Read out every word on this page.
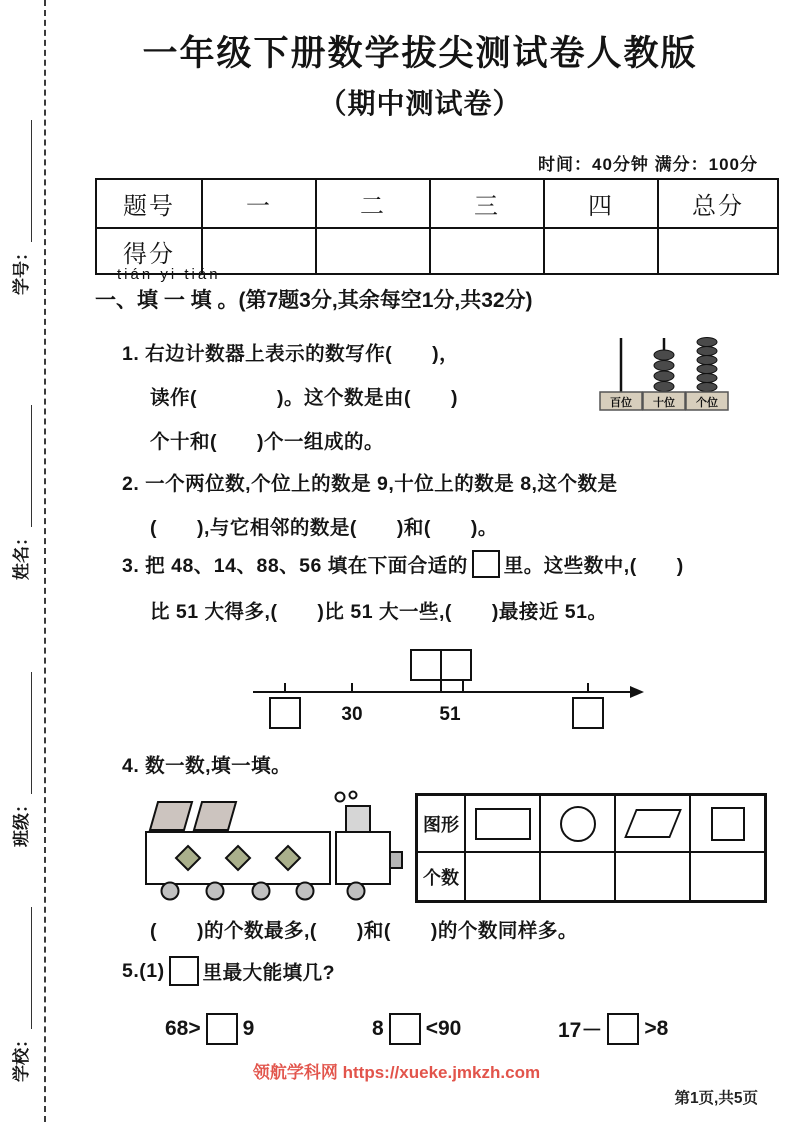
学号：
姓名：
班级：
学校：
一年级下册数学拔尖测试卷人教版
（期中测试卷）
时间：40分钟 满分：100分
题号	一	二	三	四	总分
得分					
tián yi tián
一、填 一 填 。(第7题3分,其余每空1分,共32分)
1. 右边计数器上表示的数写作(　　)，
读作(　　　　)。这个数是由(　　)
个十和(　　)个一组成的。
百位 十位 个位
2. 一个两位数,个位上的数是 9,十位上的数是 8,这个数是
(　　),与它相邻的数是(　　)和(　　)。
3. 把 48、14、88、56 填在下面合适的 里。这些数中,(　　)
比 51 大得多,(　　)比 51 大一些,(　　)最接近 51。
30	51
4. 数一数,填一填。
图形
个数
(　　)的个数最多,(　　)和(　　)的个数同样多。
5.(1) 里最大能填几?
68> 9	8 <90	17－ >8
领航学科网 https://xueke.jmkzh.com
第1页,共5页
